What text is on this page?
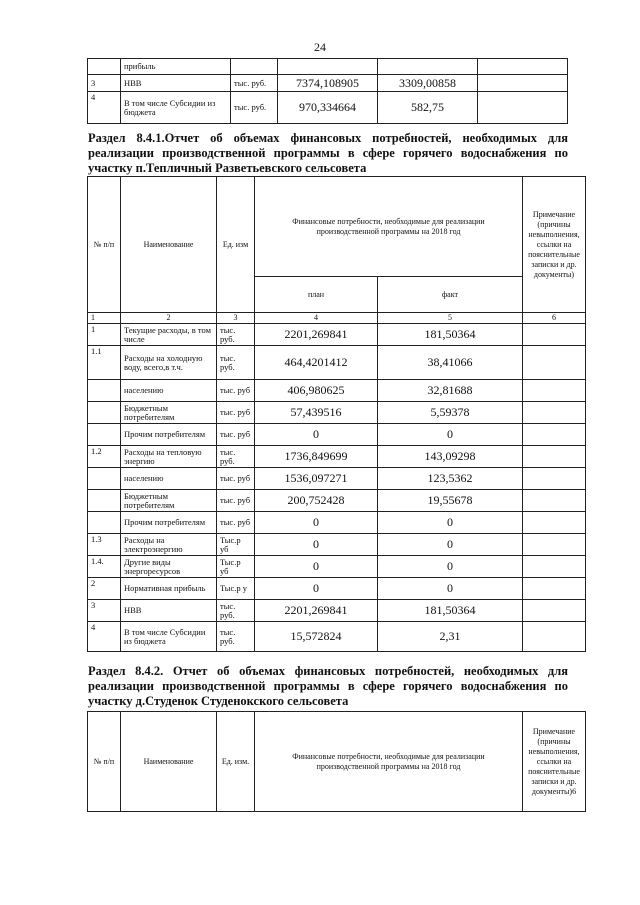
24
	прибыль				
3	НВВ	тыс. руб.	7374,108905	3309,00858	
4	В том числе Субсидии из бюджета	тыс. руб.	970,334664	582,75	
Раздел 8.4.1.Отчет об объемах финансовых потребностей, необходимых для
реализации производственной программы в сфере горячего водоснабжения по
участку п.Тепличный Разветьевского сельсовета
№ п/п	Наименование	Ед. изм	Финансовые потребности, необходимые для реализации производственной программы на 2018 год		Примечание (причины невыполнения, ссылки на пояснительные записки и др. документы)
			план	факт	
1	2	3	4	5	6
1	Текущие расходы, в том числе	тыс. руб.	2201,269841	181,50364	
1.1	Расходы на холодную воду, всего,в т.ч.	тыс. руб.	464,4201412	38,41066	
	населению	тыс. руб	406,980625	32,81688	
	Бюджетным потребителям	тыс. руб	57,439516	5,59378	
	Прочим потребителям	тыс. руб	0	0	
1.2	Расходы на тепловую энергию	тыс. руб.	1736,849699	143,09298	
	населению	тыс. руб	1536,097271	123,5362	
	Бюджетным потребителям	тыс. руб	200,752428	19,55678	
	Прочим потребителям	тыс. руб	0	0	
1.3	Расходы на электроэнергию	Тыс.р уб	0	0	
1.4.	Другие виды энергоресурсов	Тыс.р уб	0	0	
2	Нормативная прибыль	Тыс.р у	0	0	
3	НВВ	тыс. руб.	2201,269841	181,50364	
4	В том числе Субсидии из бюджета	тыс. руб.	15,572824	2,31	
Раздел 8.4.2. Отчет об объемах финансовых потребностей, необходимых для
реализации производственной программы в сфере горячего водоснабжения по
участку д.Студенок Студенокского сельсовета
№ п/п	Наименование	Ед. изм.	Финансовые потребности, необходимые для реализации производственной программы на 2018 год	Примечание (причины невыполнения, ссылки на пояснительные записки и др. документы)6
